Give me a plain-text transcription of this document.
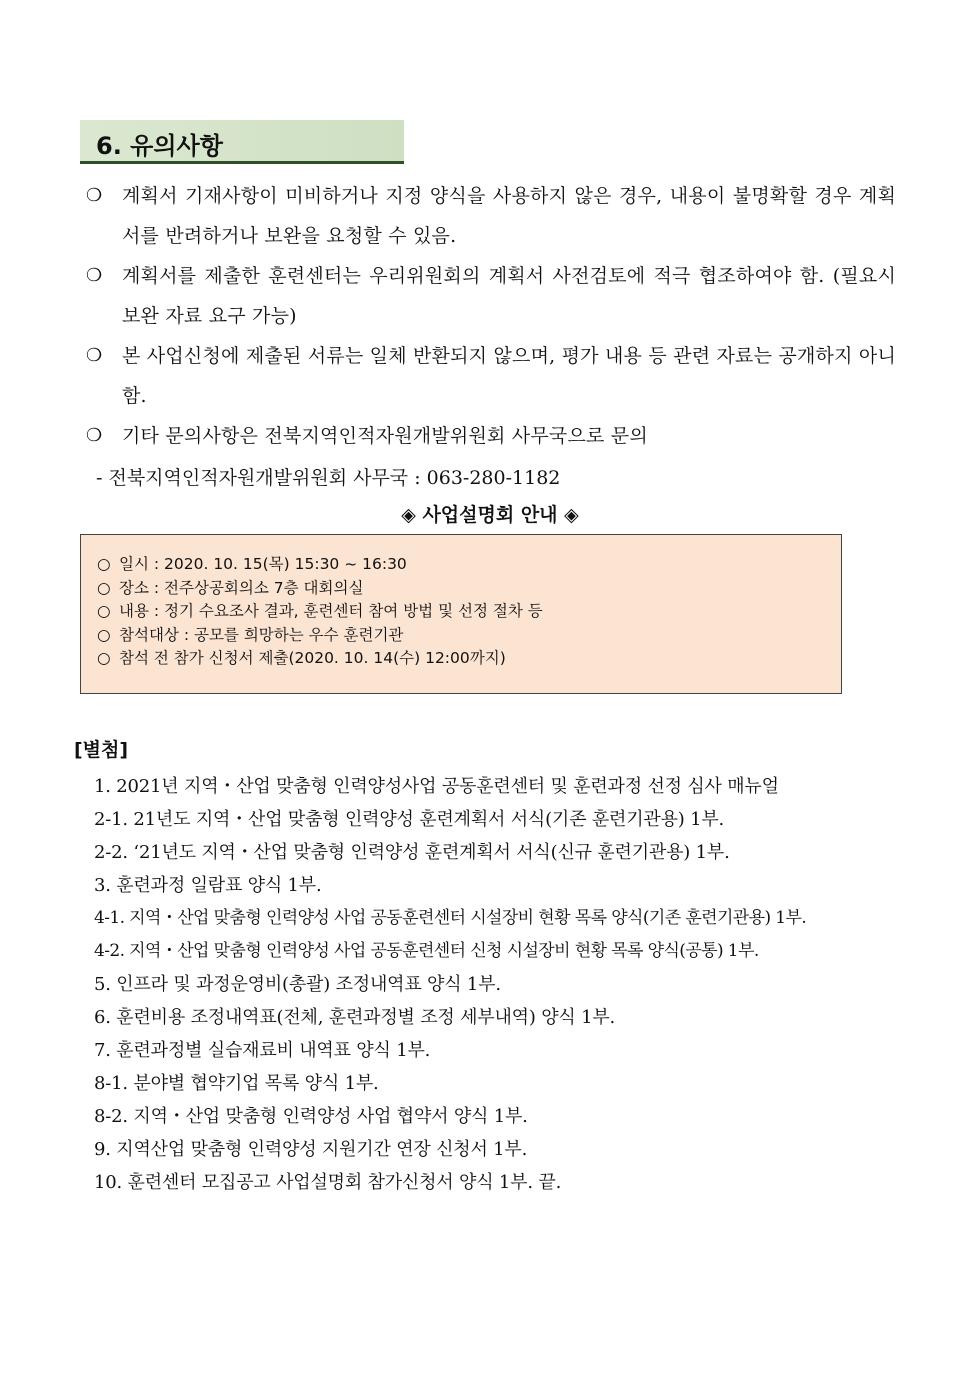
6. 유의사항
❍	계획서 기재사항이 미비하거나 지정 양식을 사용하지 않은 경우, 내용이 불명확할 경우 계획서를 반려하거나 보완을 요청할 수 있음.
❍	계획서를 제출한 훈련센터는 우리위원회의 계획서 사전검토에 적극 협조하여야 함. (필요시 보완 자료 요구 가능)
❍	본 사업신청에 제출된 서류는 일체 반환되지 않으며, 평가 내용 등 관련 자료는 공개하지 아니함.
❍	기타 문의사항은 전북지역인적자원개발위원회 사무국으로 문의
- 전북지역인적자원개발위원회 사무국 : 063-280-1182
◈ 사업설명회 안내 ◈
○ 일시 : 2020. 10. 15(목) 15:30 ~ 16:30
○ 장소 : 전주상공회의소 7층 대회의실
○ 내용 : 정기 수요조사 결과, 훈련센터 참여 방법 및 선정 절차 등
○ 참석대상 : 공모를 희망하는 우수 훈련기관
○ 참석 전 참가 신청서 제출(2020. 10. 14(수) 12:00까지)
[별첨]
1. 2021년 지역・산업 맞춤형 인력양성사업 공동훈련센터 및 훈련과정 선정 심사 매뉴얼
2-1. 21년도 지역・산업 맞춤형 인력양성 훈련계획서 서식(기존 훈련기관용) 1부.
2-2. ‘21년도 지역・산업 맞춤형 인력양성 훈련계획서 서식(신규 훈련기관용) 1부.
3. 훈련과정 일람표 양식 1부.
4-1. 지역・산업 맞춤형 인력양성 사업 공동훈련센터 시설장비 현황 목록 양식(기존 훈련기관용) 1부.
4-2. 지역・산업 맞춤형 인력양성 사업 공동훈련센터 신청 시설장비 현황 목록 양식(공통) 1부.
5. 인프라 및 과정운영비(총괄) 조정내역표 양식 1부.
6. 훈련비용 조정내역표(전체, 훈련과정별 조정 세부내역) 양식 1부.
7. 훈련과정별 실습재료비 내역표 양식 1부.
8-1. 분야별 협약기업 목록 양식 1부.
8-2. 지역・산업 맞춤형 인력양성 사업 협약서 양식 1부.
9. 지역산업 맞춤형 인력양성 지원기간 연장 신청서 1부.
10. 훈련센터 모집공고 사업설명회 참가신청서 양식 1부. 끝.
